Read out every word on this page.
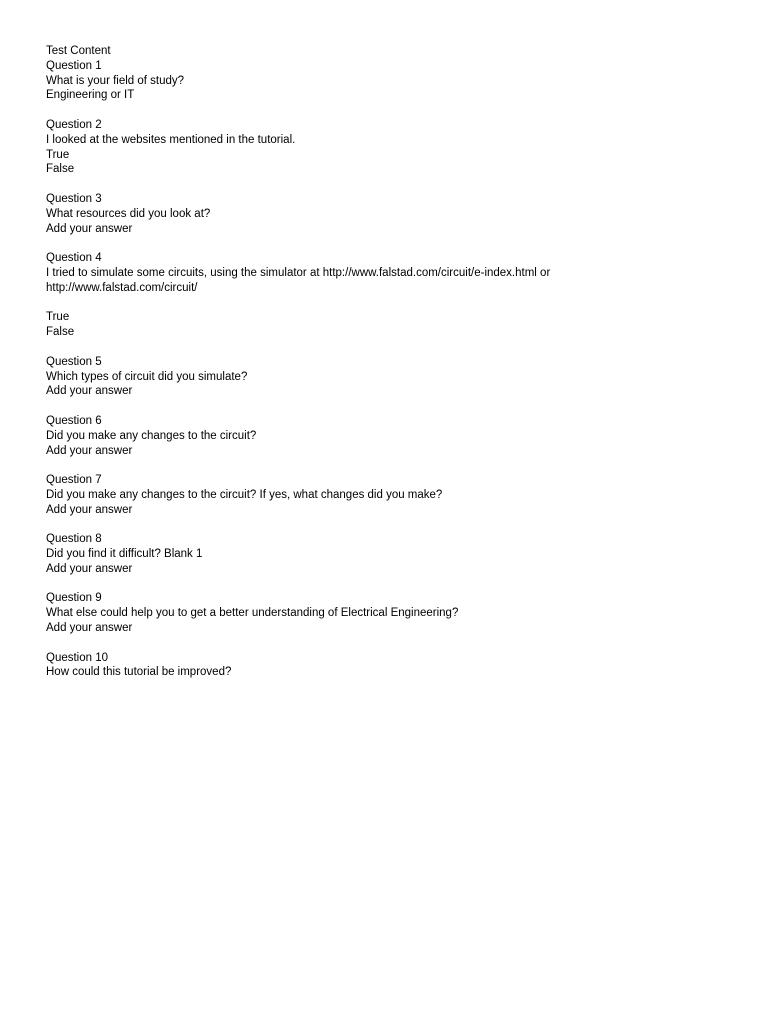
Test Content
Question 1
What is your field of study?
Engineering or IT
Question 2
I looked at the websites mentioned in the tutorial.
True
False
Question 3
What resources did you look at?
Add your answer
Question 4
I tried to simulate some circuits, using the simulator at http://www.falstad.com/circuit/e-index.html or http://www.falstad.com/circuit/
True
False
Question 5
Which types of circuit did you simulate?
Add your answer
Question 6
Did you make any changes to the circuit?
Add your answer
Question 7
Did you make any changes to the circuit? If yes, what changes did you make?
Add your answer
Question 8
Did you find it difficult? Blank 1
Add your answer
Question 9
What else could help you to get a better understanding of Electrical Engineering?
Add your answer
Question 10
How could this tutorial be improved?
